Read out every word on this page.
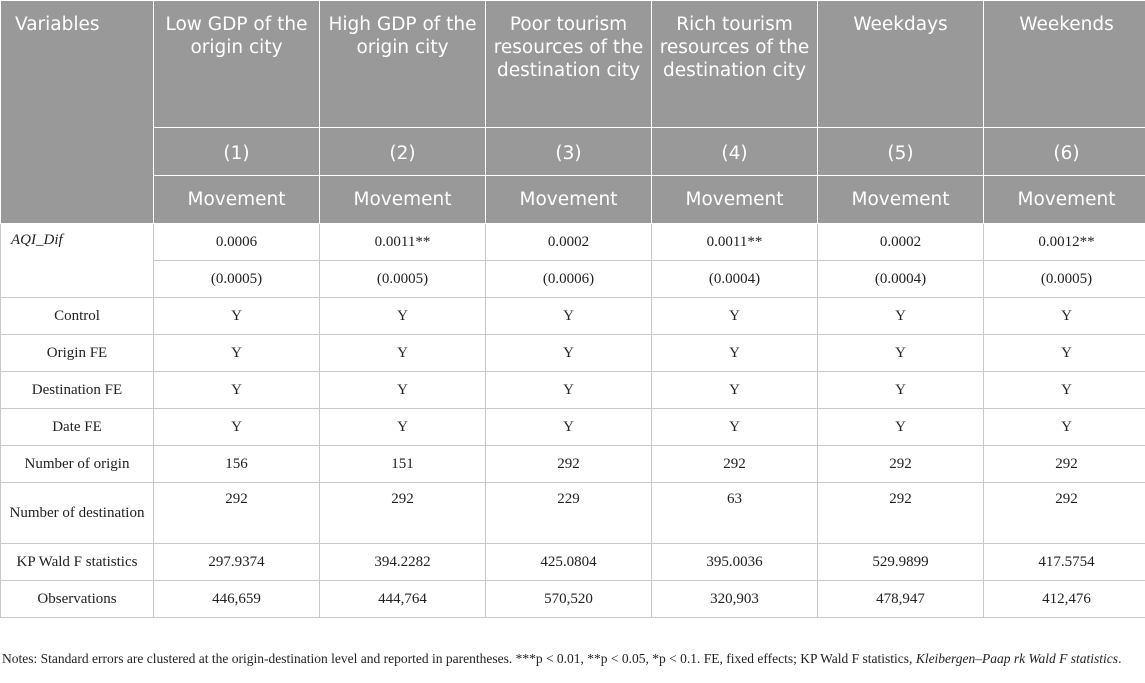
Variables	Low GDP of the origin city	High GDP of the origin city	Poor tourism resources of the destination city	Rich tourism resources of the destination city	Weekdays	Weekends
	(1)	(2)	(3)	(4)	(5)	(6)
	Movement	Movement	Movement	Movement	Movement	Movement
AQI_Dif	0.0006	0.0011**	0.0002	0.0011**	0.0002	0.0012**
	(0.0005)	(0.0005)	(0.0006)	(0.0004)	(0.0004)	(0.0005)
Control	Y	Y	Y	Y	Y	Y
Origin FE	Y	Y	Y	Y	Y	Y
Destination FE	Y	Y	Y	Y	Y	Y
Date FE	Y	Y	Y	Y	Y	Y
Number of origin	156	151	292	292	292	292
Number of destination	292	292	229	63	292	292
KP Wald F statistics	297.9374	394.2282	425.0804	395.0036	529.9899	417.5754
Observations	446,659	444,764	570,520	320,903	478,947	412,476
Notes: Standard errors are clustered at the origin-destination level and reported in parentheses. ***p < 0.01, **p < 0.05, *p < 0.1. FE, fixed effects; KP Wald F statistics, Kleibergen–Paap rk Wald F statistics.
